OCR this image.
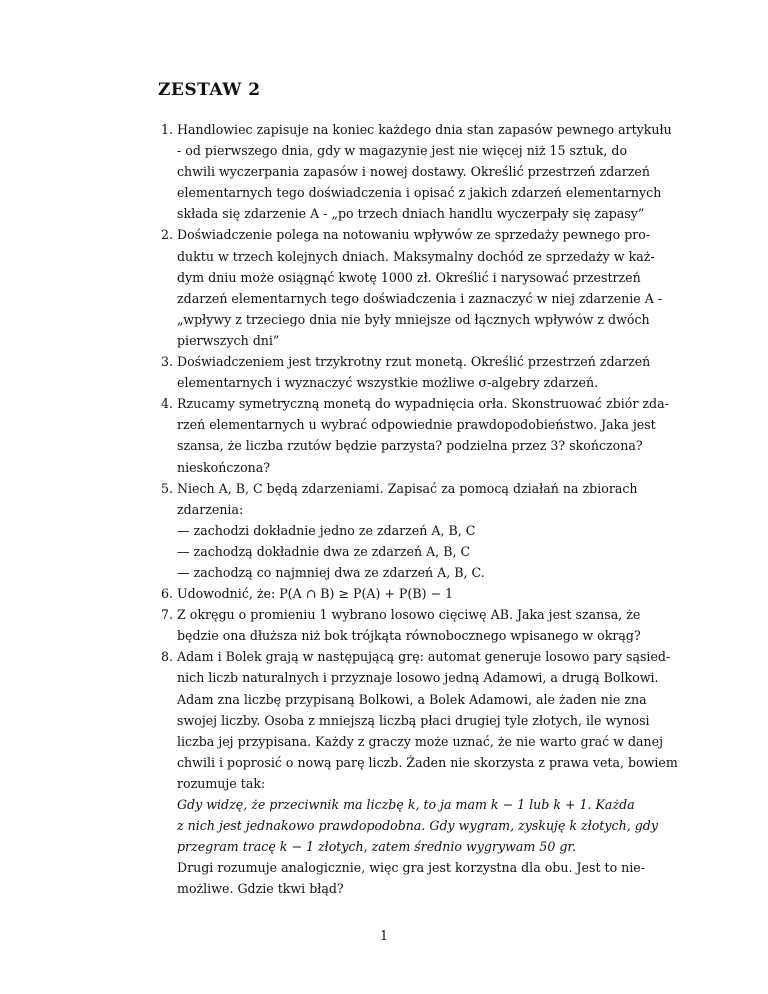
ZESTAW 2
1. Handlowiec zapisuje na koniec każdego dnia stan zapasów pewnego artykułu
- od pierwszego dnia, gdy w magazynie jest nie więcej niż 15 sztuk, do
chwili wyczerpania zapasów i nowej dostawy. Określić przestrzeń zdarzeń
elementarnych tego doświadczenia i opisać z jakich zdarzeń elementarnych
składa się zdarzenie A - „po trzech dniach handlu wyczerpały się zapasy”
2. Doświadczenie polega na notowaniu wpływów ze sprzedaży pewnego pro-
duktu w trzech kolejnych dniach. Maksymalny dochód ze sprzedaży w każ-
dym dniu może osiągnąć kwotę 1000 zł. Określić i narysować przestrzeń
zdarzeń elementarnych tego doświadczenia i zaznaczyć w niej zdarzenie A -
„wpływy z trzeciego dnia nie były mniejsze od łącznych wpływów z dwóch
pierwszych dni”
3. Doświadczeniem jest trzykrotny rzut monetą. Określić przestrzeń zdarzeń
elementarnych i wyznaczyć wszystkie możliwe σ-algebry zdarzeń.
4. Rzucamy symetryczną monetą do wypadnięcia orła. Skonstruować zbiór zda-
rzeń elementarnych u wybrać odpowiednie prawdopodobieństwo. Jaka jest
szansa, że liczba rzutów będzie parzysta? podzielna przez 3? skończona?
nieskończona?
5. Niech A, B, C będą zdarzeniami. Zapisać za pomocą działań na zbiorach
zdarzenia:
— zachodzi dokładnie jedno ze zdarzeń A, B, C
— zachodzą dokładnie dwa ze zdarzeń A, B, C
— zachodzą co najmniej dwa ze zdarzeń A, B, C.
6. Udowodnić, że: P(A ∩ B) ≥ P(A) + P(B) − 1
7. Z okręgu o promieniu 1 wybrano losowo cięciwę AB. Jaka jest szansa, że
będzie ona dłuższa niż bok trójkąta równobocznego wpisanego w okrąg?
8. Adam i Bolek grają w następującą grę: automat generuje losowo pary sąsied-
nich liczb naturalnych i przyznaje losowo jedną Adamowi, a drugą Bolkowi.
Adam zna liczbę przypisaną Bolkowi, a Bolek Adamowi, ale żaden nie zna
swojej liczby. Osoba z mniejszą liczbą płaci drugiej tyle złotych, ile wynosi
liczba jej przypisana. Każdy z graczy może uznać, że nie warto grać w danej
chwili i poprosić o nową parę liczb. Żaden nie skorzysta z prawa veta, bowiem
rozumuje tak:
Gdy widzę, że przeciwnik ma liczbę k, to ja mam k − 1 lub k + 1. Każda
z nich jest jednakowo prawdopodobna. Gdy wygram, zyskuję k złotych, gdy
przegram tracę k − 1 złotych, zatem średnio wygrywam 50 gr.
Drugi rozumuje analogicznie, więc gra jest korzystna dla obu. Jest to nie-
możliwe. Gdzie tkwi błąd?
1
